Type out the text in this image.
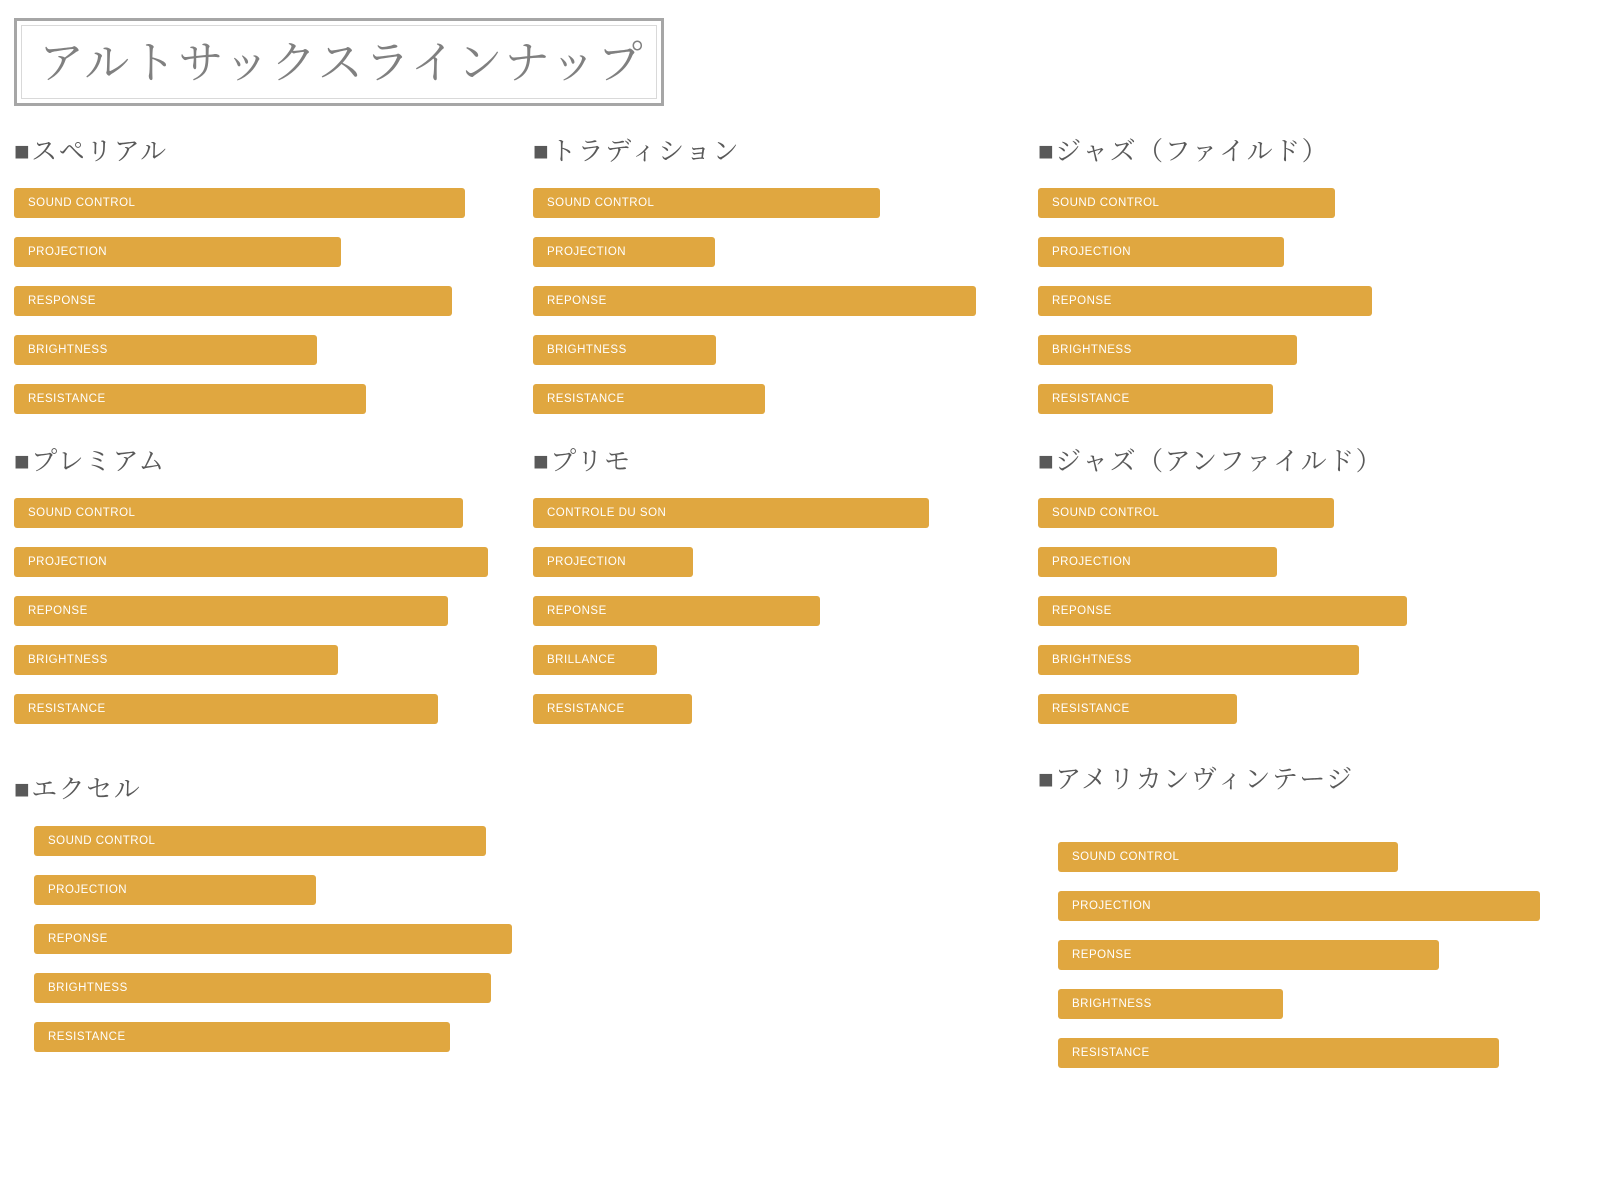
アルトサックスラインナップ
■スペリアル
SOUND CONTROL
PROJECTION
RESPONSE
BRIGHTNESS
RESISTANCE
■トラディション
SOUND CONTROL
PROJECTION
REPONSE
BRIGHTNESS
RESISTANCE
■ジャズ（ファイルド）
SOUND CONTROL
PROJECTION
REPONSE
BRIGHTNESS
RESISTANCE
■プレミアム
SOUND CONTROL
PROJECTION
REPONSE
BRIGHTNESS
RESISTANCE
■プリモ
CONTROLE DU SON
PROJECTION
REPONSE
BRILLANCE
RESISTANCE
■ジャズ（アンファイルド）
SOUND CONTROL
PROJECTION
REPONSE
BRIGHTNESS
RESISTANCE
■エクセル
SOUND CONTROL
PROJECTION
REPONSE
BRIGHTNESS
RESISTANCE
■アメリカンヴィンテージ
SOUND CONTROL
PROJECTION
REPONSE
BRIGHTNESS
RESISTANCE
